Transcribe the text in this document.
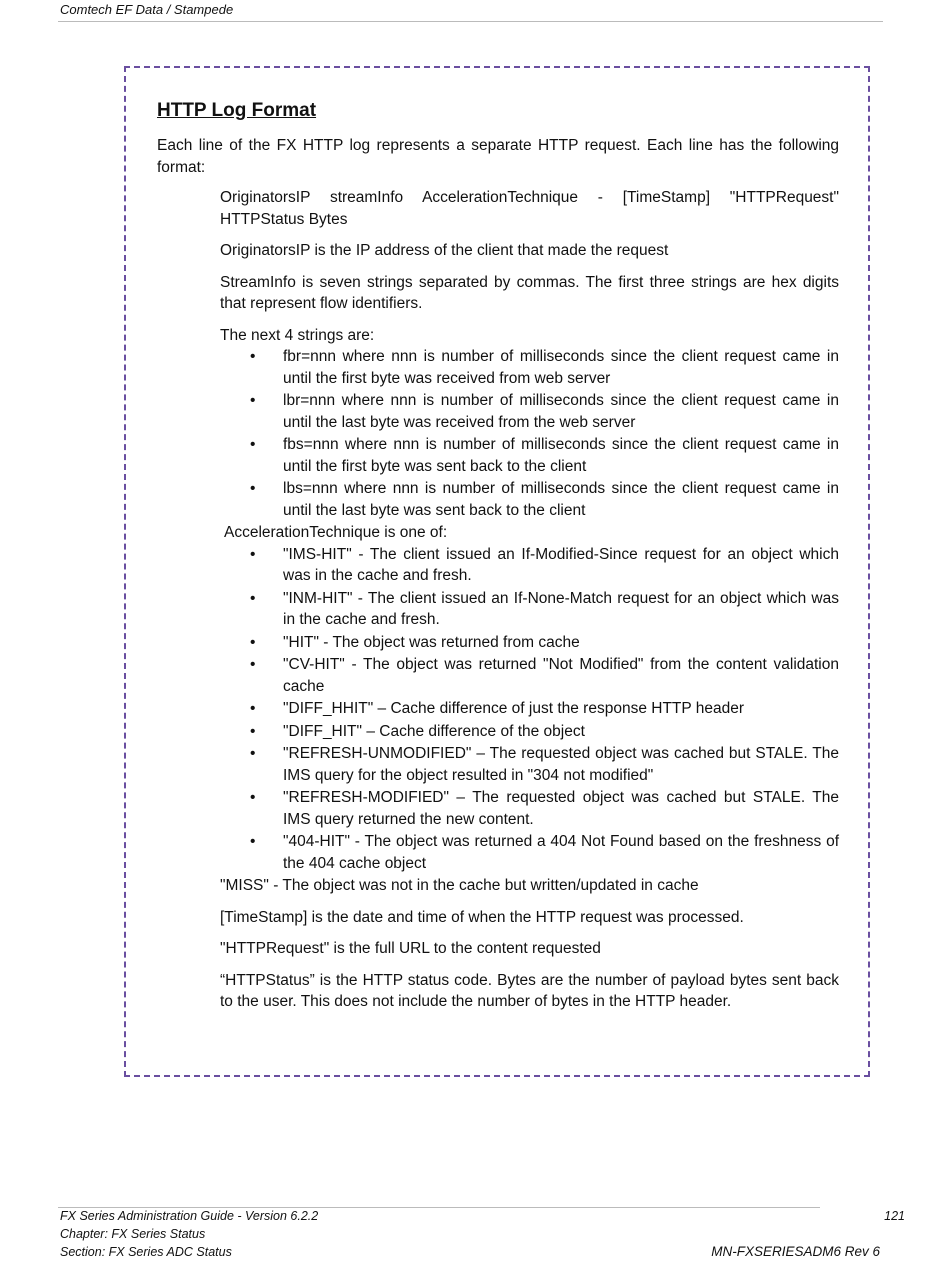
Comtech EF Data / Stampede
HTTP Log Format

Each line of the FX HTTP log represents a separate HTTP request. Each line has the following format:

OriginatorsIP streamInfo AccelerationTechnique - [TimeStamp] "HTTPRequest" HTTPStatus Bytes

OriginatorsIP is the IP address of the client that made the request

StreamInfo is seven strings separated by commas. The first three strings are hex digits that represent flow identifiers.

The next 4 strings are:

• fbr=nnn where nnn is number of milliseconds since the client request came in until the first byte was received from web server
• lbr=nnn where nnn is number of milliseconds since the client request came in until the last byte was received from the web server
• fbs=nnn where nnn is number of milliseconds since the client request came in until the first byte was sent back to the client
• lbs=nnn where nnn is number of milliseconds since the client request came in until the last byte was sent back to the client
AccelerationTechnique is one of:
• "IMS-HIT" - The client issued an If-Modified-Since request for an object which was in the cache and fresh.
• "INM-HIT" - The client issued an If-None-Match request for an object which was in the cache and fresh.
• "HIT" - The object was returned from cache
• "CV-HIT" - The object was returned "Not Modified" from the content validation cache
• "DIFF_HHIT" – Cache difference of just the response HTTP header
• "DIFF_HIT" – Cache difference of the object
• "REFRESH-UNMODIFIED" – The requested object was cached but STALE. The IMS query for the object resulted in "304 not modified"
• "REFRESH-MODIFIED" – The requested object was cached but STALE. The IMS query returned the new content.
• "404-HIT" - The object was returned a 404 Not Found based on the freshness of the 404 cache object

"MISS" - The object was not in the cache but written/updated in cache

[TimeStamp] is the date and time of when the HTTP request was processed.

"HTTPRequest" is the full URL to the content requested

“HTTPStatus” is the HTTP status code. Bytes are the number of payload bytes sent back to the user. This does not include the number of bytes in the HTTP header.

FX Series Administration Guide - Version 6.2.2
Chapter: FX Series Status
Section: FX Series ADC Status
121
MN-FXSERIESADM6 Rev 6
